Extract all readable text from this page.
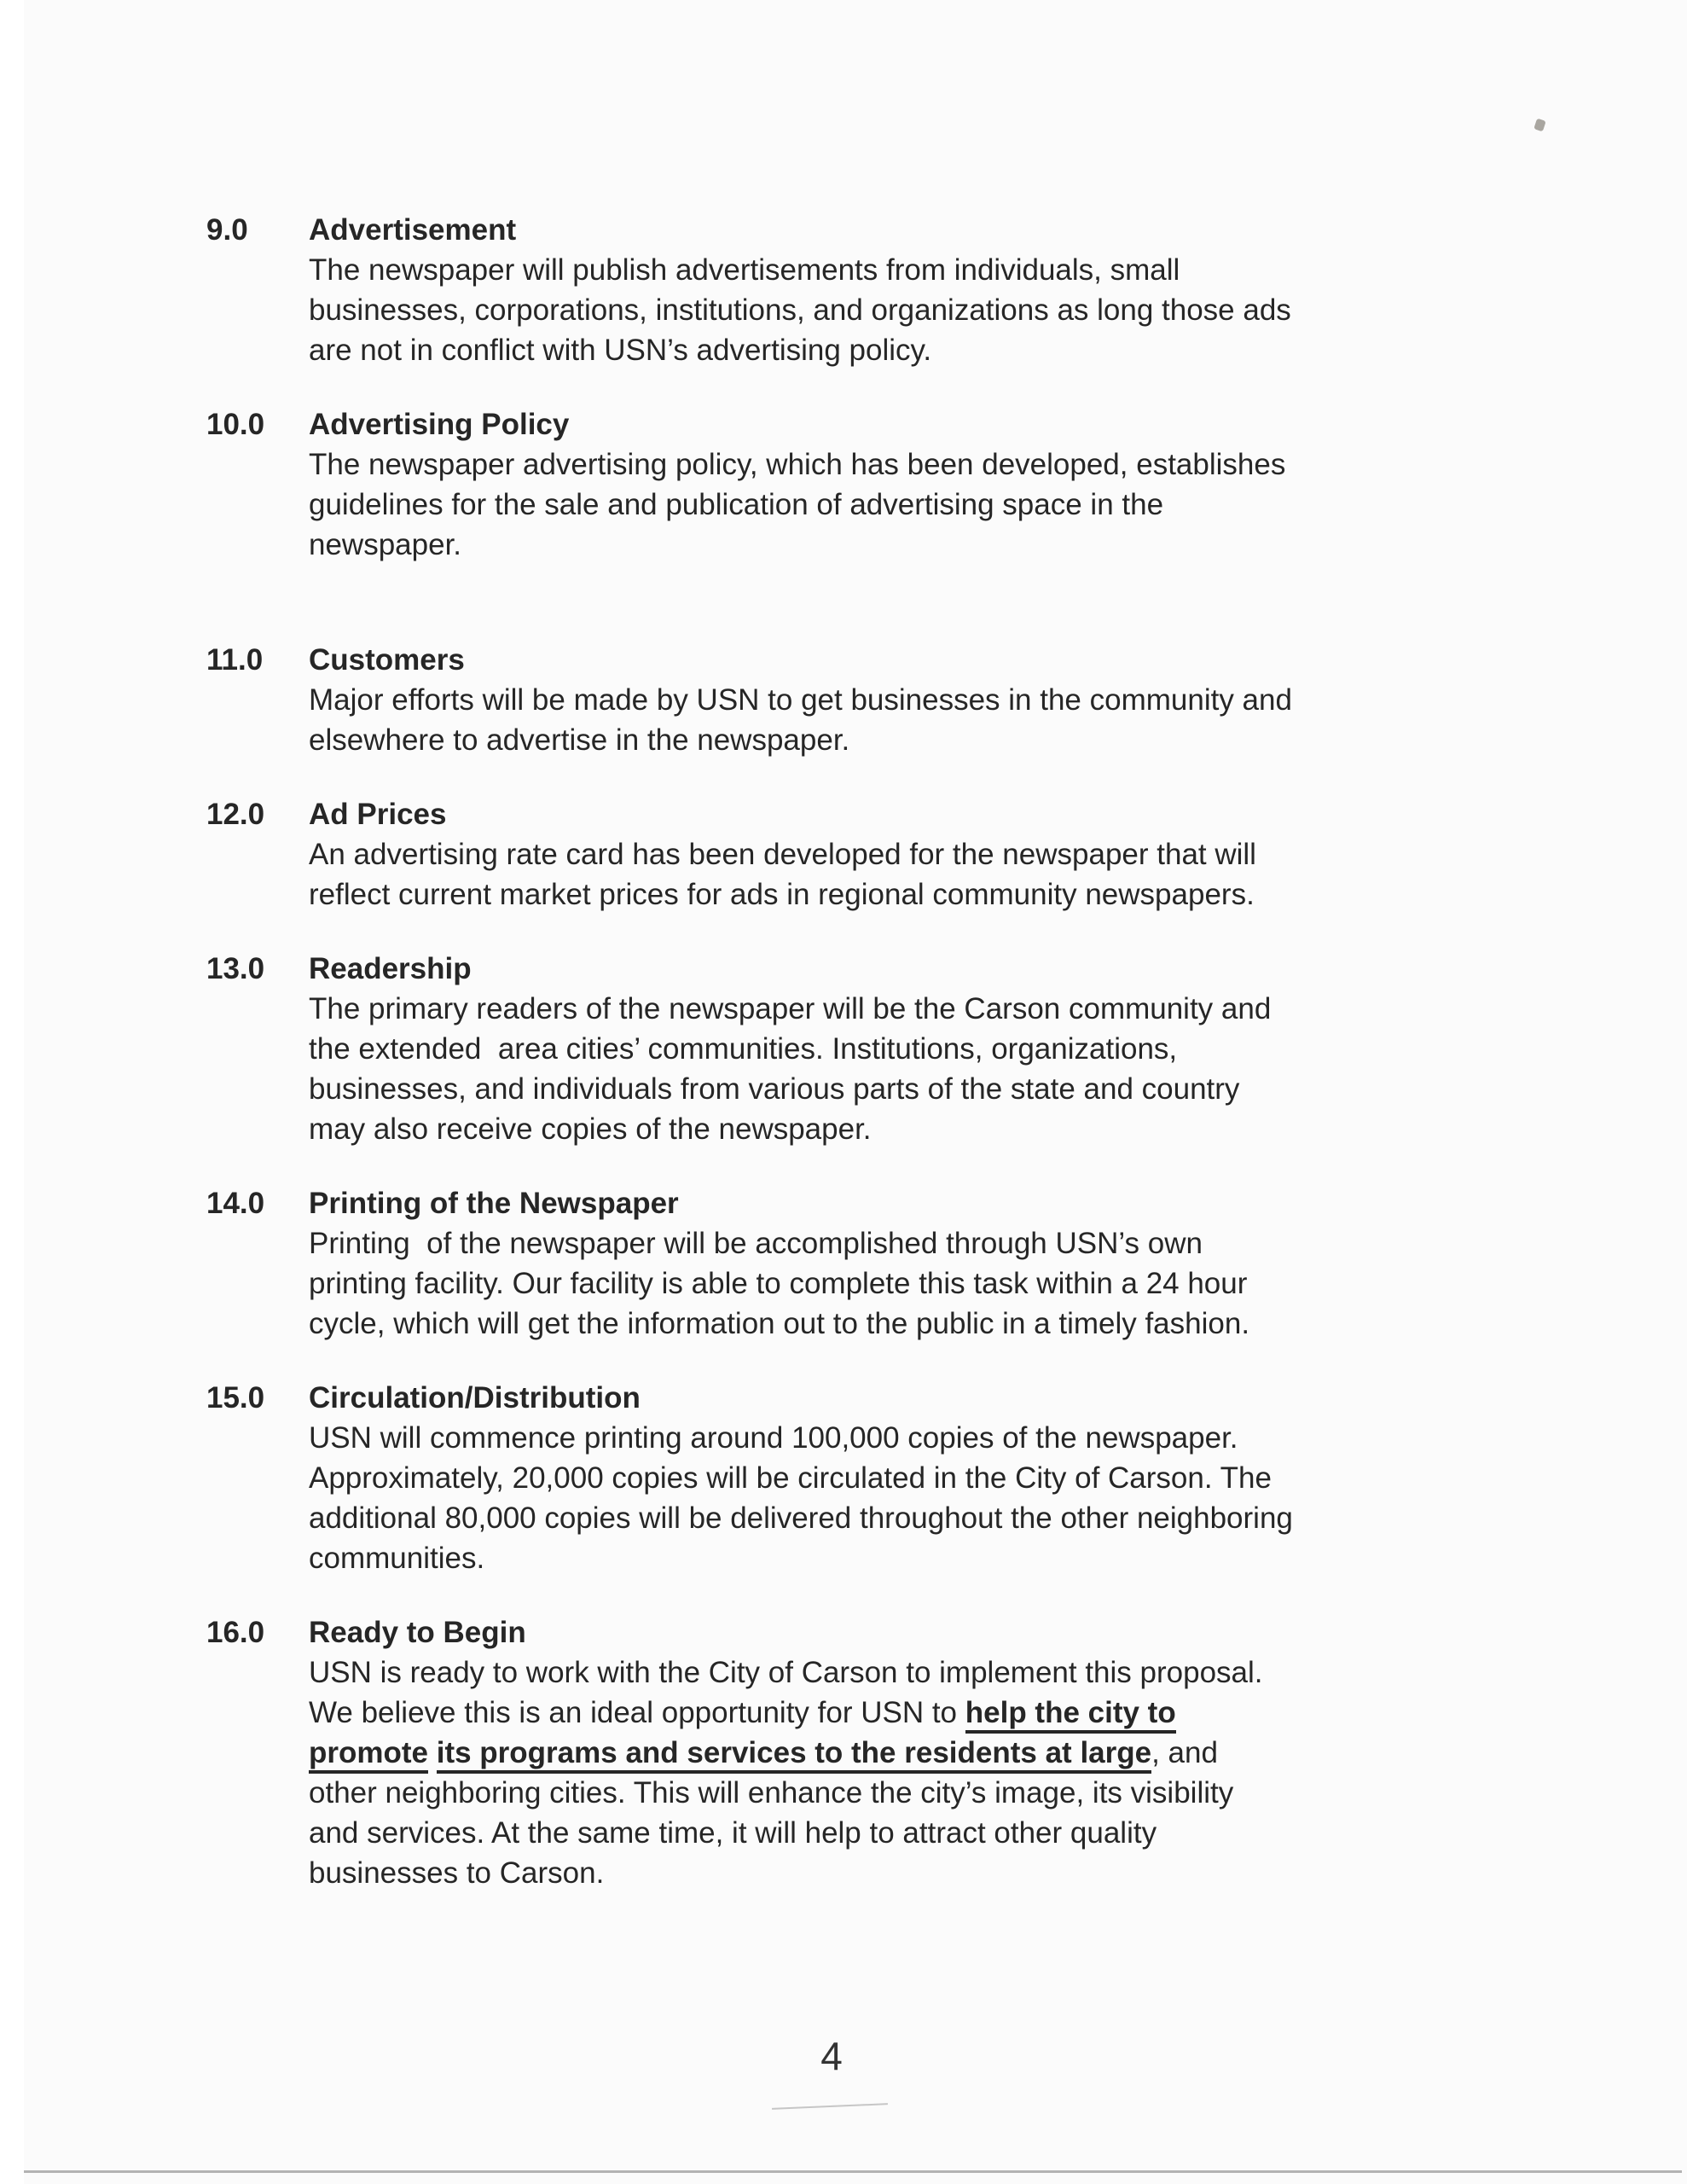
9.0	Advertisement
The newspaper will publish advertisements from individuals, small
businesses, corporations, institutions, and organizations as long those ads
are not in conflict with USN’s advertising policy.
10.0	Advertising Policy
The newspaper advertising policy, which has been developed, establishes
guidelines for the sale and publication of advertising space in the
newspaper.
11.0	Customers
Major efforts will be made by USN to get businesses in the community and
elsewhere to advertise in the newspaper.
12.0	Ad Prices
An advertising rate card has been developed for the newspaper that will
reflect current market prices for ads in regional community newspapers.
13.0	Readership
The primary readers of the newspaper will be the Carson community and
the extended  area cities’ communities. Institutions, organizations,
businesses, and individuals from various parts of the state and country
may also receive copies of the newspaper.
14.0	Printing of the Newspaper
Printing  of the newspaper will be accomplished through USN’s own
printing facility. Our facility is able to complete this task within a 24 hour
cycle, which will get the information out to the public in a timely fashion.
15.0	Circulation/Distribution
USN will commence printing around 100,000 copies of the newspaper.
Approximately, 20,000 copies will be circulated in the City of Carson. The
additional 80,000 copies will be delivered throughout the other neighboring
communities.
16.0	Ready to Begin
USN is ready to work with the City of Carson to implement this proposal.
We believe this is an ideal opportunity for USN to help the city to
promote its programs and services to the residents at large, and
other neighboring cities. This will enhance the city’s image, its visibility
and services. At the same time, it will help to attract other quality
businesses to Carson.
4
